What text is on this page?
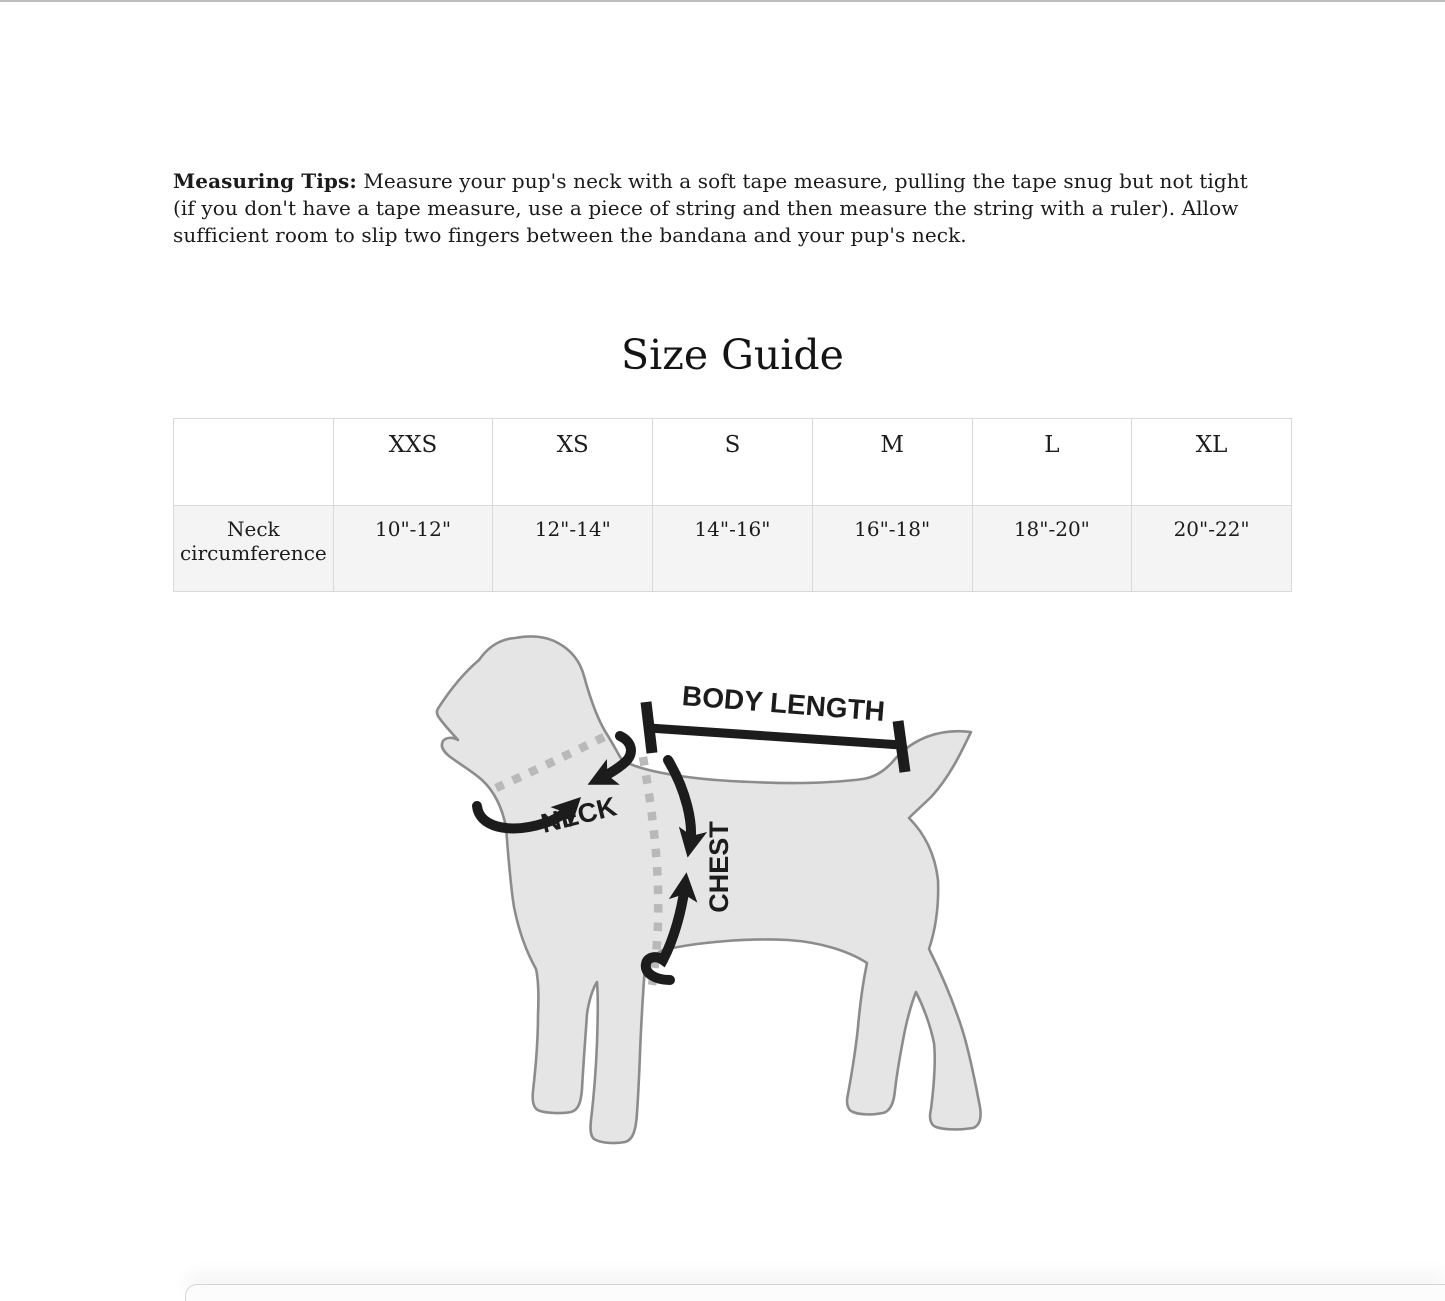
Measuring Tips: Measure your pup's neck with a soft tape measure, pulling the tape snug but not tight (if you don't have a tape measure, use a piece of string and then measure the string with a ruler). Allow sufficient room to slip two fingers between the bandana and your pup's neck.

Size Guide
	XXS	XS	S	M	L	XL
Neck circumference	10"-12"	12"-14"	14"-16"	16"-18"	18"-20"	20"-22"
BODY LENGTH
NECK
CHEST
